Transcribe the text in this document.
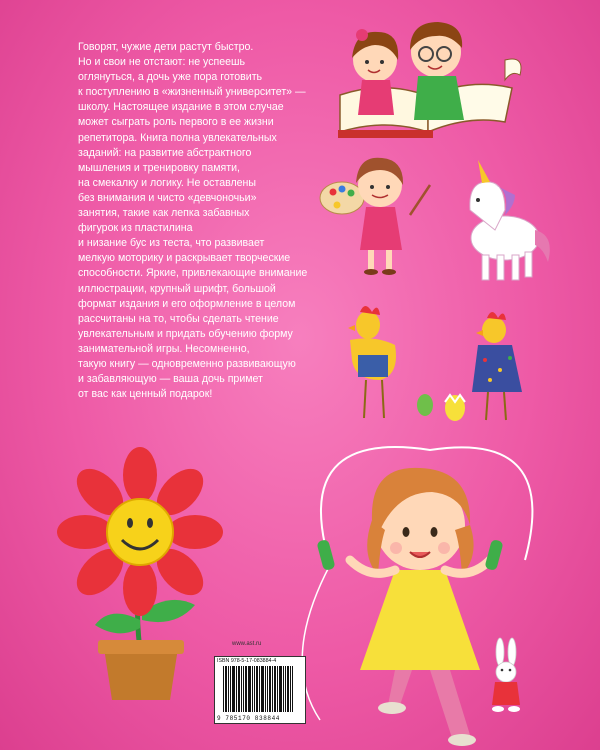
Говорят, чужие дети растут быстро.
Но и свои не отстают: не успеешь
оглянуться, а дочь уже пора готовить
к поступлению в «жизненный университет» —
школу. Настоящее издание в этом случае
может сыграть роль первого в ее жизни
репетитора. Книга полна увлекательных
заданий: на развитие абстрактного
мышления и тренировку памяти,
на смекалку и логику. Не оставлены
без внимания и чисто «девчоночьи»
занятия, такие как лепка забавных
фигурок из пластилина
и низание бус из теста, что развивает
мелкую моторику и раскрывает творческие
способности. Яркие, привлекающие внимание
иллюстрации, крупный шрифт, большой
формат издания и его оформление в целом
рассчитаны на то, чтобы сделать чтение
увлекательным и придать обучению форму
занимательной игры. Несомненно,
такую книгу — одновременно развивающую
и забавляющую — ваша дочь примет
от вас как ценный подарок!

www.ast.ru
ISBN 978-5-17-083884-4
9 785170 838844
